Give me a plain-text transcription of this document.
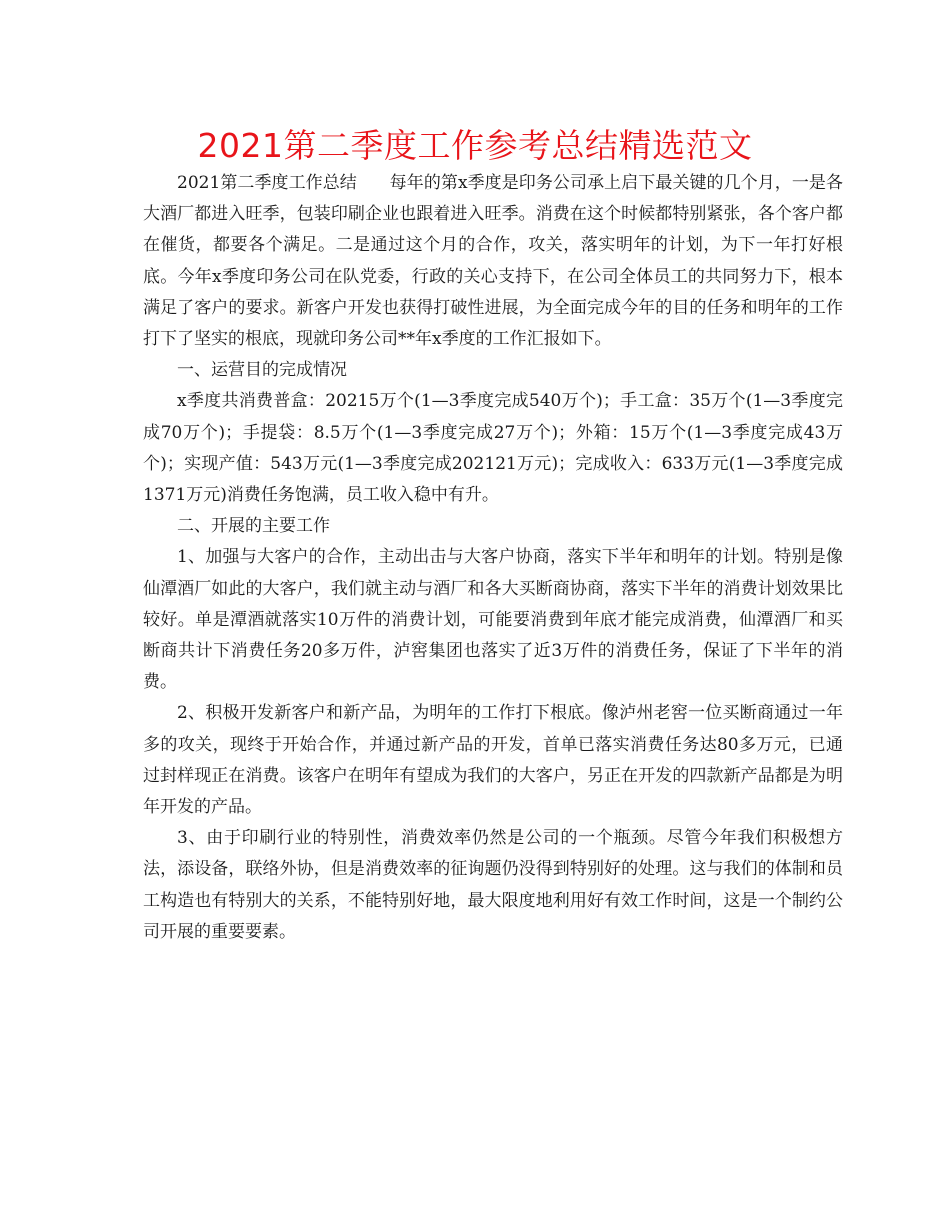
2021第二季度工作参考总结精选范文

2021第二季度工作总结      每年的第x季度是印务公司承上启下最关键的几个月，一是各大酒厂都进入旺季，包装印刷企业也跟着进入旺季。消费在这个时候都特别紧张，各个客户都在催货，都要各个满足。二是通过这个月的合作，攻关，落实明年的计划，为下一年打好根底。今年x季度印务公司在队党委，行政的关心支持下，在公司全体员工的共同努力下，根本满足了客户的要求。新客户开发也获得打破性进展，为全面完成今年的目的任务和明年的工作打下了坚实的根底，现就印务公司**年x季度的工作汇报如下。

一、运营目的完成情况

x季度共消费普盒：20215万个(1—3季度完成540万个)；手工盒：35万个(1—3季度完成70万个)；手提袋：8.5万个(1—3季度完成27万个)；外箱：15万个(1—3季度完成43万个)；实现产值：543万元(1—3季度完成202121万元)；完成收入：633万元(1—3季度完成1371万元)消费任务饱满，员工收入稳中有升。

二、开展的主要工作

1、加强与大客户的合作，主动出击与大客户协商，落实下半年和明年的计划。特别是像仙潭酒厂如此的大客户，我们就主动与酒厂和各大买断商协商，落实下半年的消费计划效果比较好。单是潭酒就落实10万件的消费计划，可能要消费到年底才能完成消费，仙潭酒厂和买断商共计下消费任务20多万件，泸窖集团也落实了近3万件的消费任务，保证了下半年的消费。

2、积极开发新客户和新产品，为明年的工作打下根底。像泸州老窖一位买断商通过一年多的攻关，现终于开始合作，并通过新产品的开发，首单已落实消费任务达80多万元，已通过封样现正在消费。该客户在明年有望成为我们的大客户，另正在开发的四款新产品都是为明年开发的产品。

3、由于印刷行业的特别性，消费效率仍然是公司的一个瓶颈。尽管今年我们积极想方法，添设备，联络外协，但是消费效率的征询题仍没得到特别好的处理。这与我们的体制和员工构造也有特别大的关系，不能特别好地，最大限度地利用好有效工作时间，这是一个制约公司开展的重要要素。
